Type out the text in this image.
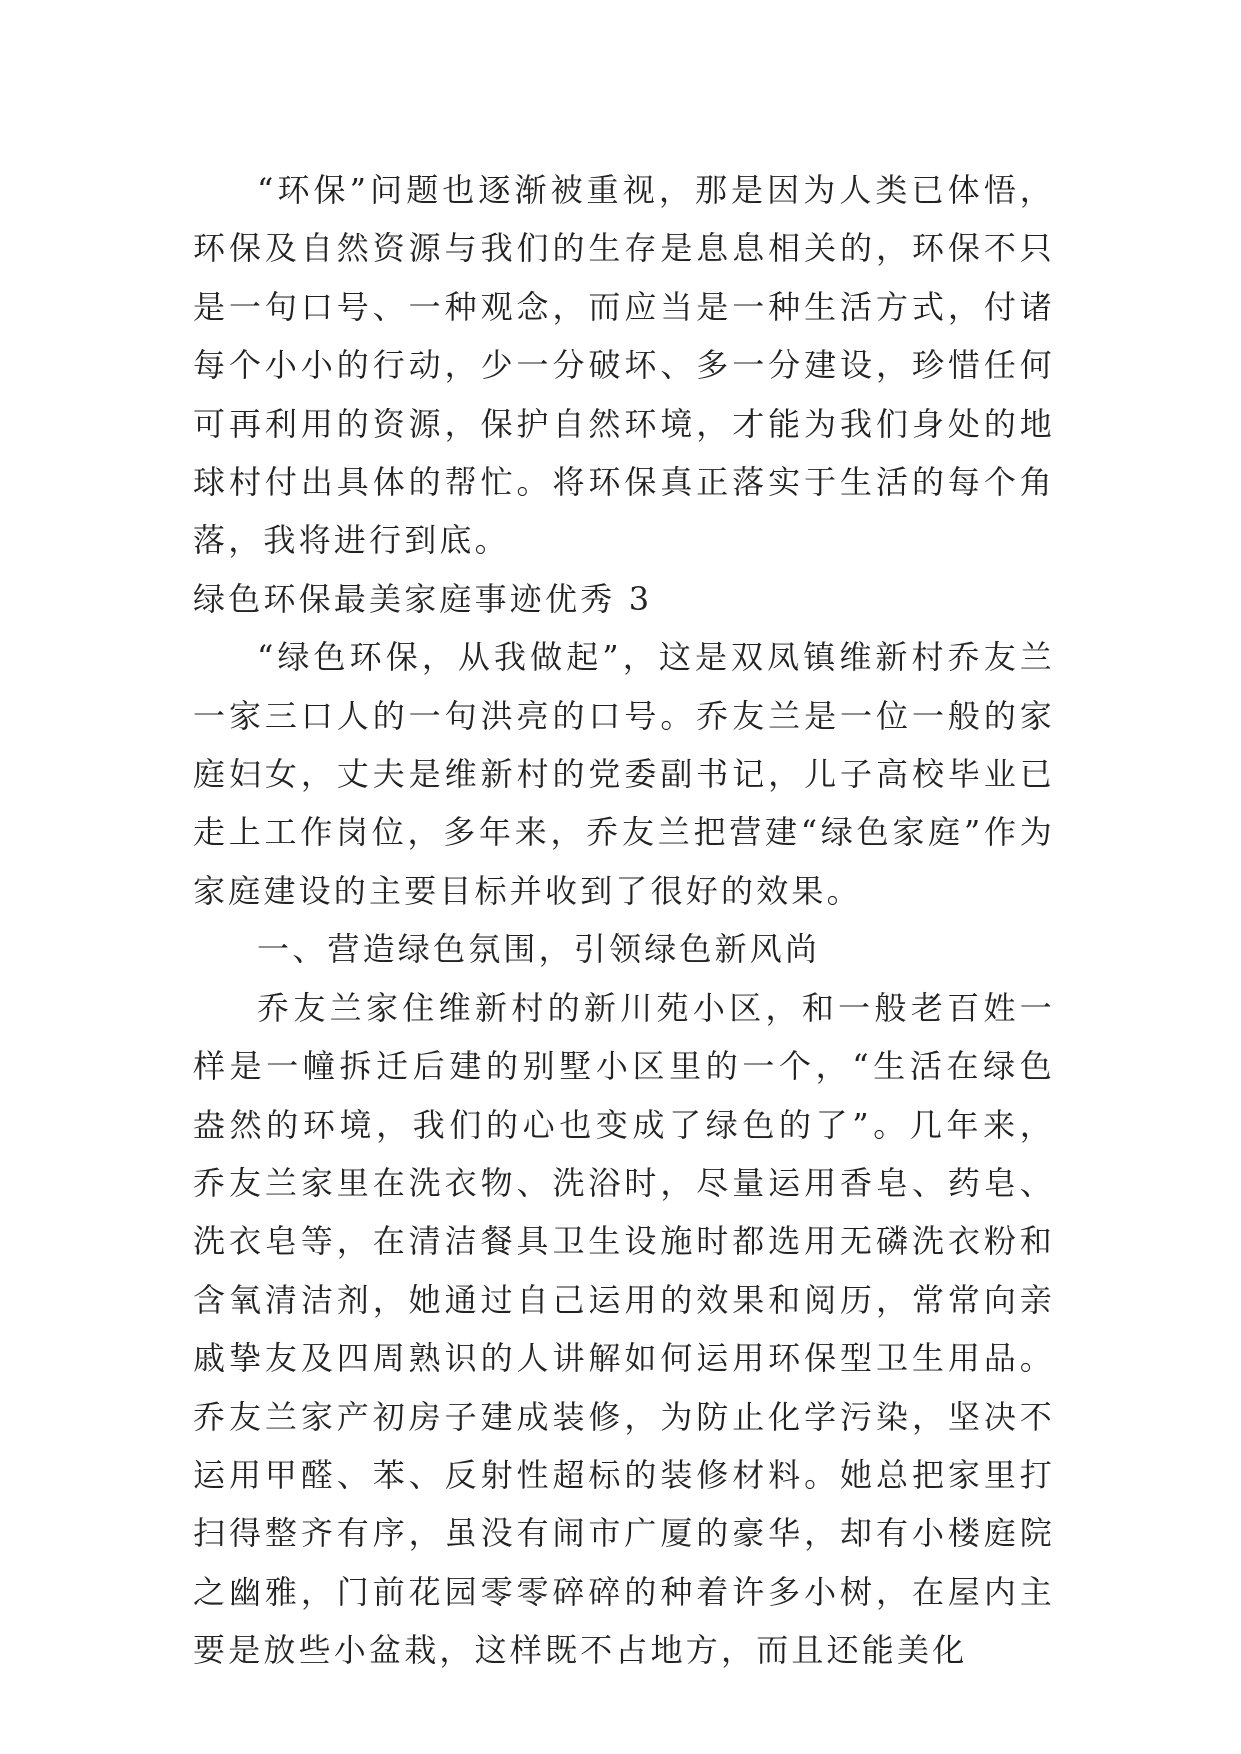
“环保”问题也逐渐被重视，那是因为人类已体悟，环保及自然资源与我们的生存是息息相关的，环保不只是一句口号、一种观念，而应当是一种生活方式，付诸每个小小的行动，少一分破坏、多一分建设，珍惜任何可再利用的资源，保护自然环境，才能为我们身处的地球村付出具体的帮忙。将环保真正落实于生活的每个角落，我将进行到底。

绿色环保最美家庭事迹优秀 3

“绿色环保，从我做起”，这是双凤镇维新村乔友兰一家三口人的一句洪亮的口号。乔友兰是一位一般的家庭妇女，丈夫是维新村的党委副书记，儿子高校毕业已走上工作岗位，多年来，乔友兰把营建“绿色家庭”作为家庭建设的主要目标并收到了很好的效果。

一、营造绿色氛围，引领绿色新风尚

乔友兰家住维新村的新川苑小区，和一般老百姓一样是一幢拆迁后建的别墅小区里的一个，“生活在绿色盎然的环境，我们的心也变成了绿色的了”。几年来，乔友兰家里在洗衣物、洗浴时，尽量运用香皂、药皂、洗衣皂等，在清洁餐具卫生设施时都选用无磷洗衣粉和含氧清洁剂，她通过自己运用的效果和阅历，常常向亲戚挚友及四周熟识的人讲解如何运用环保型卫生用品。乔友兰家产初房子建成装修，为防止化学污染，坚决不运用甲醛、苯、反射性超标的装修材料。她总把家里打扫得整齐有序，虽没有闹市广厦的豪华，却有小楼庭院之幽雅，门前花园零零碎碎的种着许多小树，在屋内主要是放些小盆栽，这样既不占地方，而且还能美化
